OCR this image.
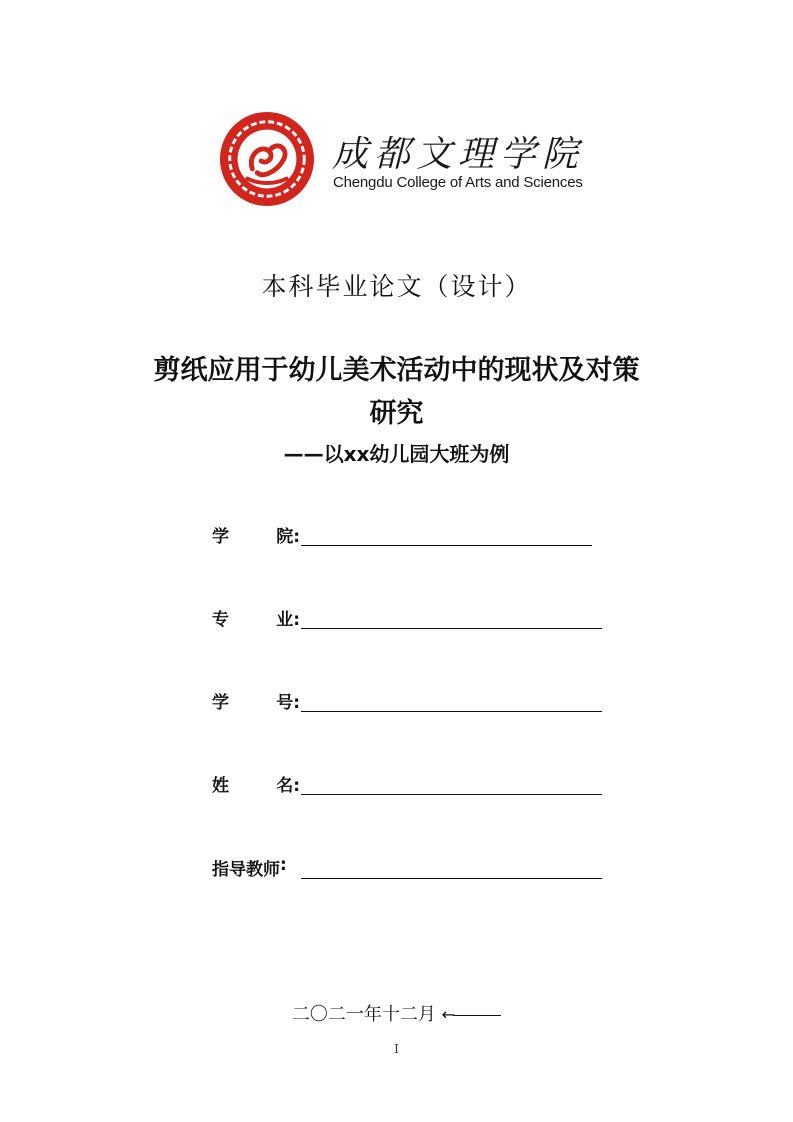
成都文理学院
Chengdu College of Arts and Sciences
本科毕业论文（设计）
剪纸应用于幼儿美术活动中的现状及对策
研究
——以xx幼儿园大班为例
学	院:
专	业:
学	号:
姓	名:
指导教师 :
二〇二一年十二月 ←
I
